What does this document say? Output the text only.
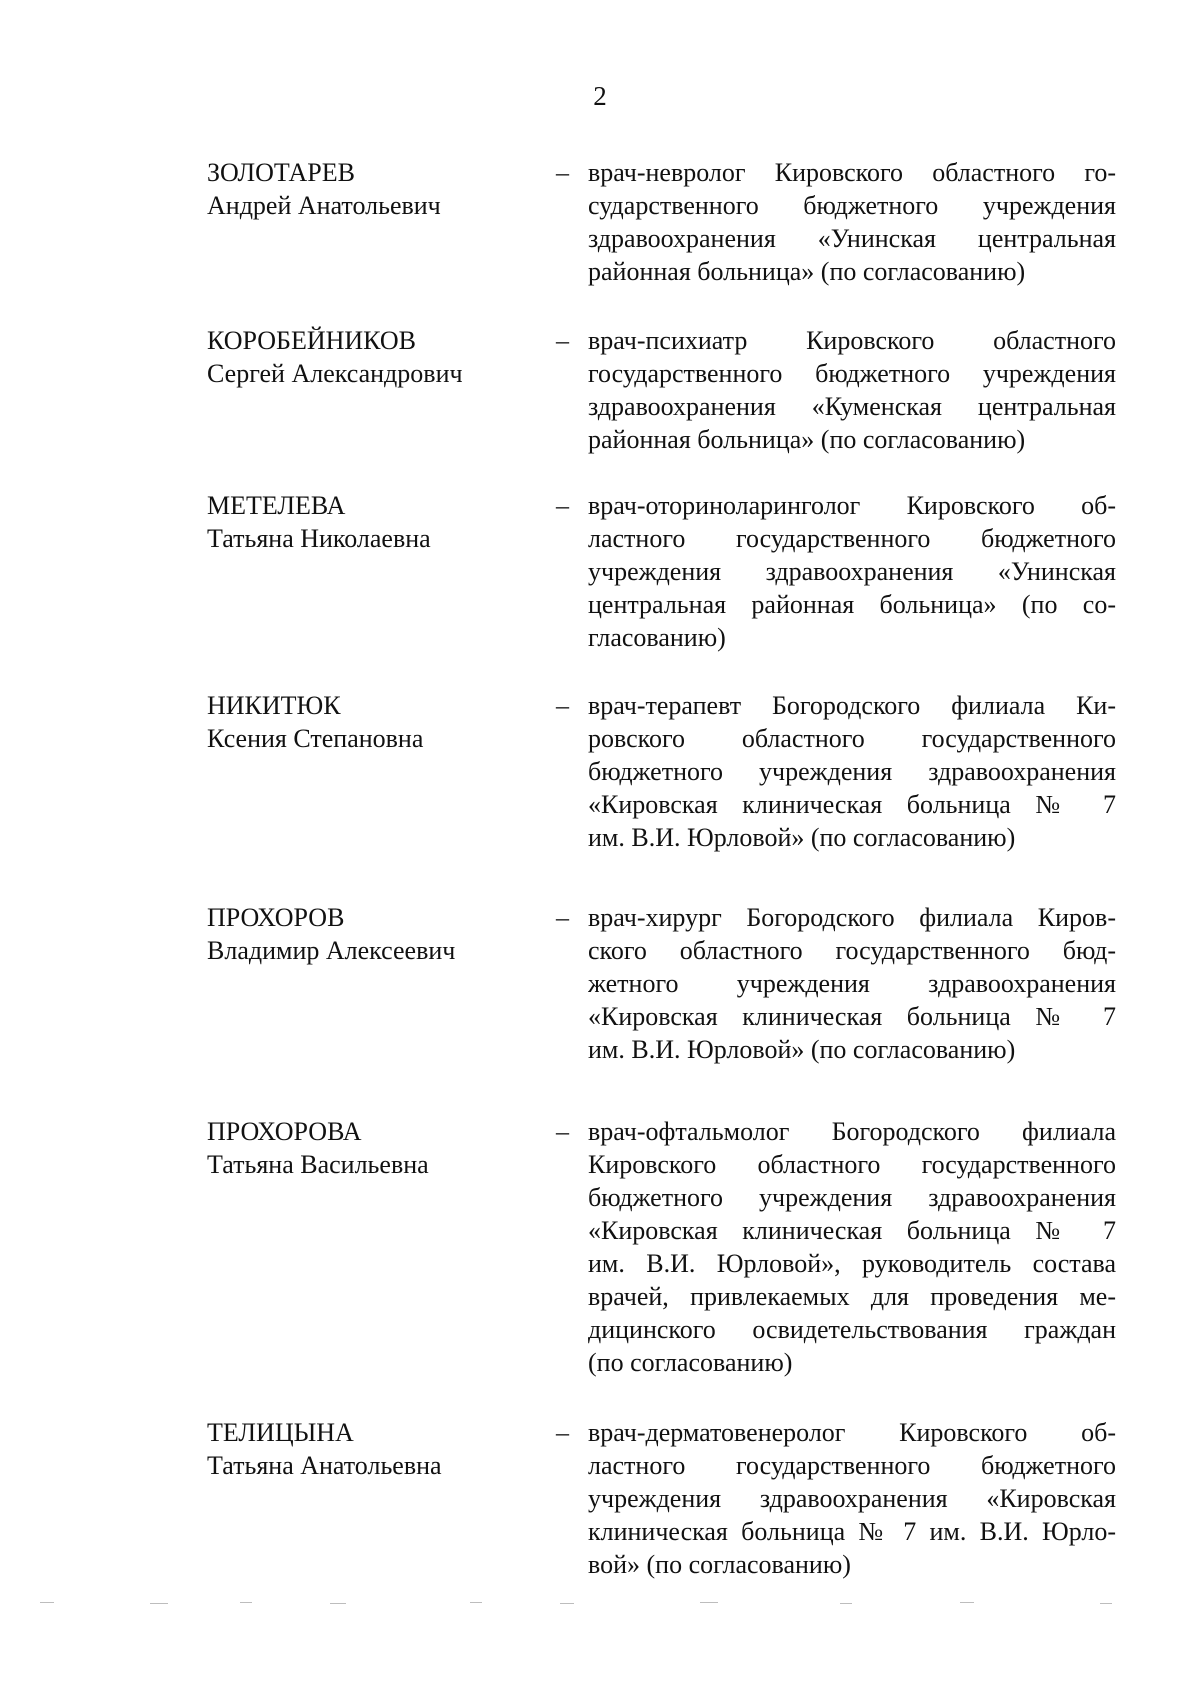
2
ЗОЛОТАРЕВ
Андрей Анатольевич
– врач-невролог Кировского областного го-
сударственного бюджетного учреждения
здравоохранения «Унинская центральная
районная больница» (по согласованию)
КОРОБЕЙНИКОВ
Сергей Александрович
– врач-психиатр Кировского областного
государственного бюджетного учреждения
здравоохранения «Куменская центральная
районная больница» (по согласованию)
МЕТЕЛЕВА
Татьяна Николаевна
– врач-оториноларинголог Кировского об-
ластного государственного бюджетного
учреждения здравоохранения «Унинская
центральная районная больница» (по со-
гласованию)
НИКИТЮК
Ксения Степановна
– врач-терапевт Богородского филиала Ки-
ровского областного государственного
бюджетного учреждения здравоохранения
«Кировская клиническая больница № 7
им. В.И. Юрловой» (по согласованию)
ПРОХОРОВ
Владимир Алексеевич
– врач-хирург Богородского филиала Киров-
ского областного государственного бюд-
жетного учреждения здравоохранения
«Кировская клиническая больница № 7
им. В.И. Юрловой» (по согласованию)
ПРОХОРОВА
Татьяна Васильевна
– врач-офтальмолог Богородского филиала
Кировского областного государственного
бюджетного учреждения здравоохранения
«Кировская клиническая больница № 7
им. В.И. Юрловой», руководитель состава
врачей, привлекаемых для проведения ме-
дицинского освидетельствования граждан
(по согласованию)
ТЕЛИЦЫНА
Татьяна Анатольевна
– врач-дерматовенеролог Кировского об-
ластного государственного бюджетного
учреждения здравоохранения «Кировская
клиническая больница № 7 им. В.И. Юрло-
вой» (по согласованию)
